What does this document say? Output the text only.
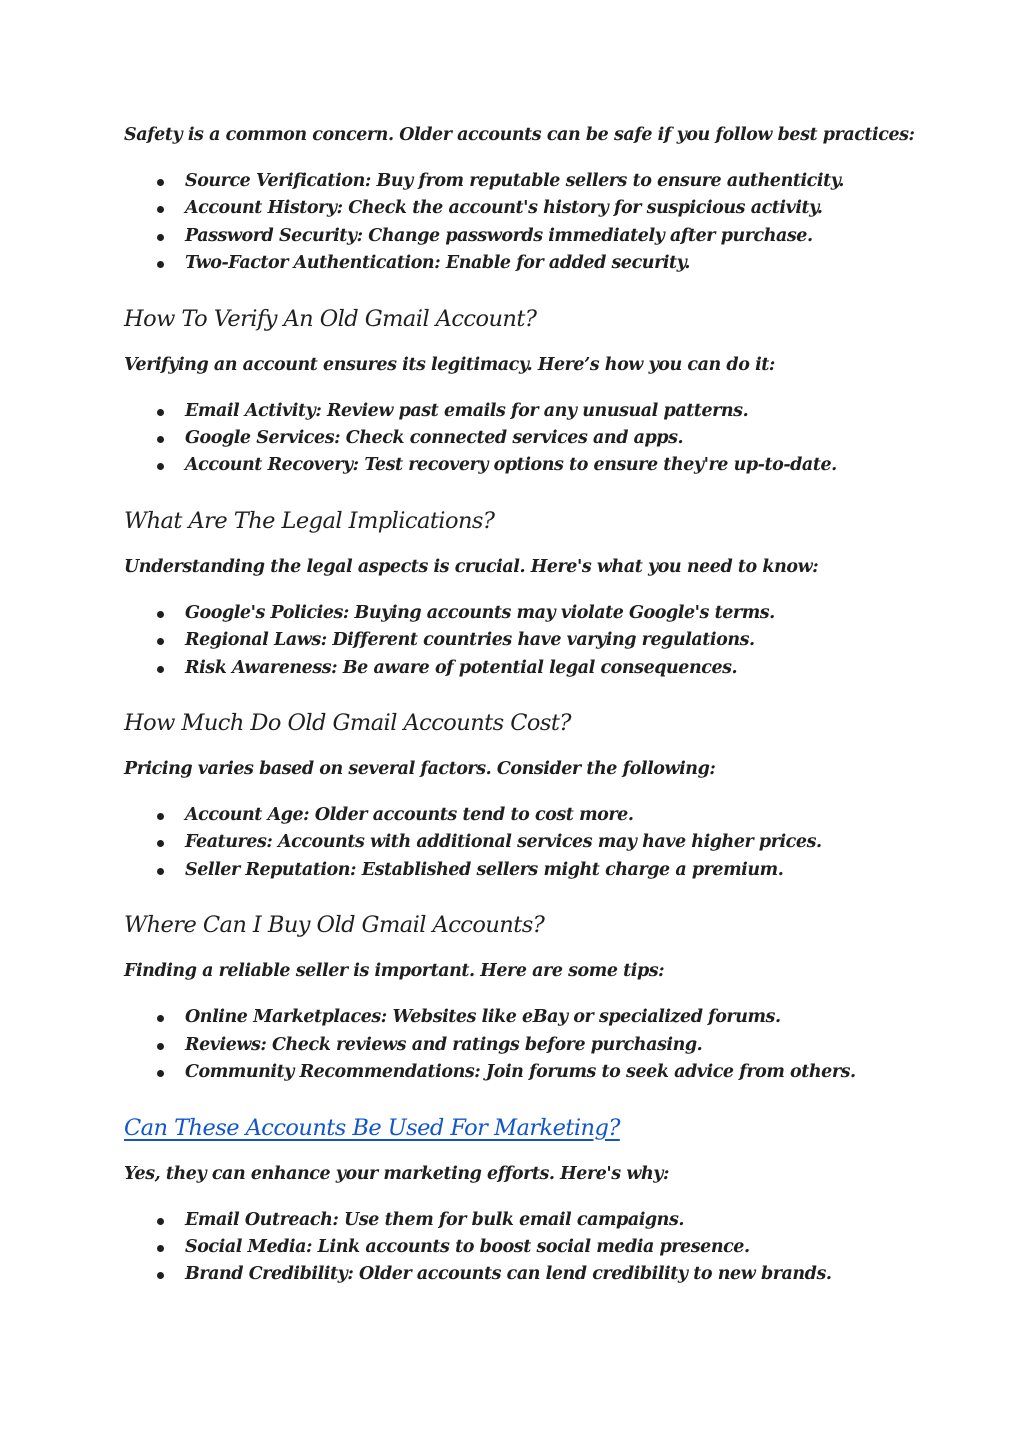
Safety is a common concern. Older accounts can be safe if you follow best practices:

Source Verification: Buy from reputable sellers to ensure authenticity.
Account History: Check the account's history for suspicious activity.
Password Security: Change passwords immediately after purchase.
Two-Factor Authentication: Enable for added security.
How To Verify An Old Gmail Account?

Verifying an account ensures its legitimacy. Here’s how you can do it:

Email Activity: Review past emails for any unusual patterns.
Google Services: Check connected services and apps.
Account Recovery: Test recovery options to ensure they're up-to-date.
What Are The Legal Implications?

Understanding the legal aspects is crucial. Here's what you need to know:

Google's Policies: Buying accounts may violate Google's terms.
Regional Laws: Different countries have varying regulations.
Risk Awareness: Be aware of potential legal consequences.
How Much Do Old Gmail Accounts Cost?

Pricing varies based on several factors. Consider the following:

Account Age: Older accounts tend to cost more.
Features: Accounts with additional services may have higher prices.
Seller Reputation: Established sellers might charge a premium.
Where Can I Buy Old Gmail Accounts?

Finding a reliable seller is important. Here are some tips:

Online Marketplaces: Websites like eBay or specialized forums.
Reviews: Check reviews and ratings before purchasing.
Community Recommendations: Join forums to seek advice from others.
Can These Accounts Be Used For Marketing?

Yes, they can enhance your marketing efforts. Here's why:

Email Outreach: Use them for bulk email campaigns.
Social Media: Link accounts to boost social media presence.
Brand Credibility: Older accounts can lend credibility to new brands.
